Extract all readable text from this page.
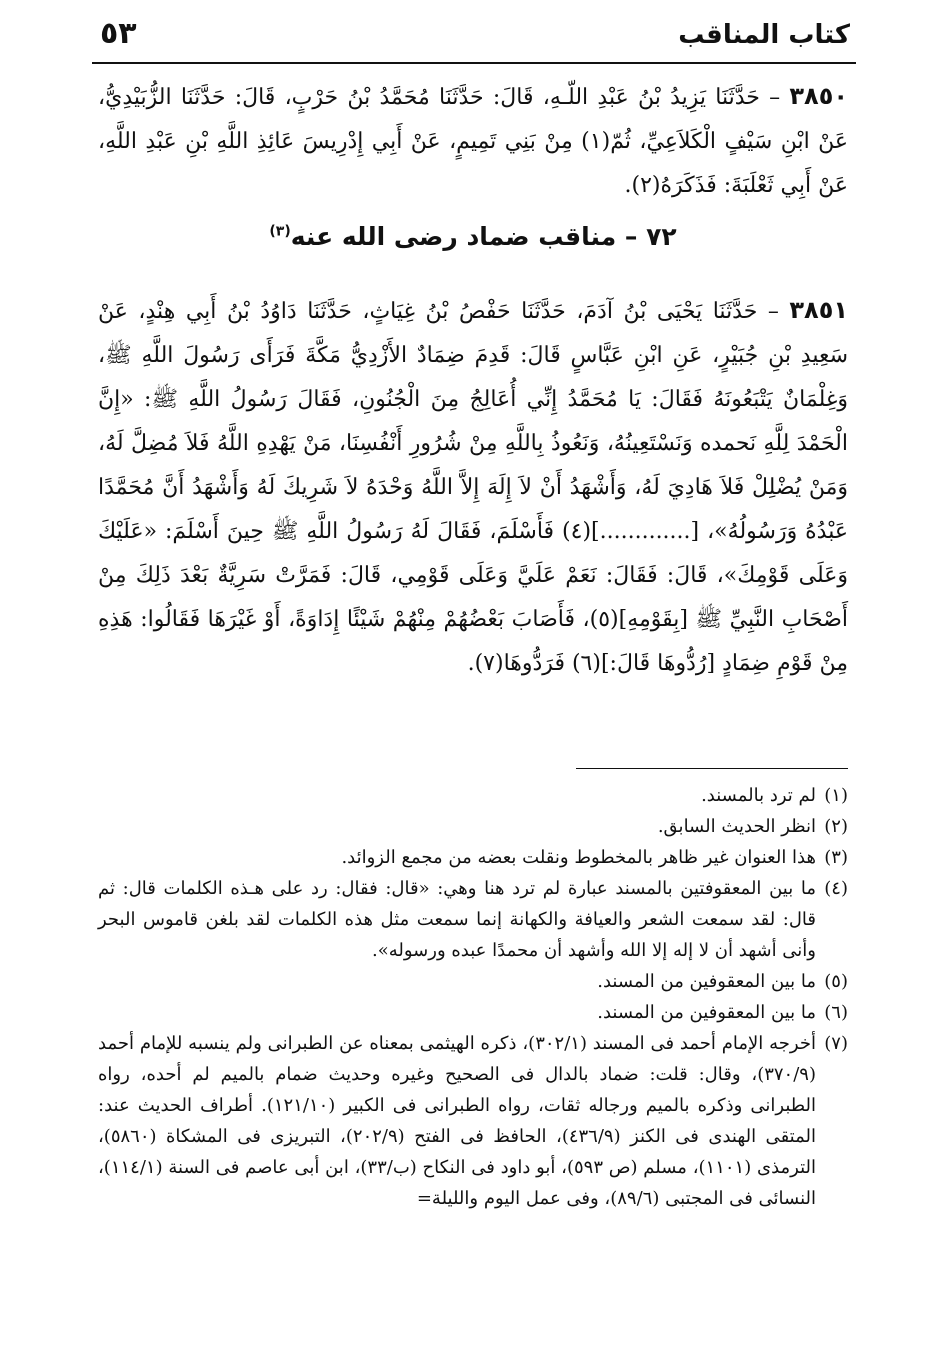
كتاب المناقب
٥٣
٣٨٥٠ – حَدَّثَنَا يَزِيدُ بْنُ عَبْدِ اللّـهِ، قَالَ: حَدَّثَنَا مُحَمَّدُ بْنُ حَرْبٍ، قَالَ: حَدَّثَنَا الزُّبَيْدِيُّ، عَنْ ابْنِ سَيْفٍ الْكَلاَعِيِّ، ثُمّ(١) مِنْ بَنِي تَمِيمٍ، عَنْ أَبِي إِدْرِيسَ عَائِذِ اللَّهِ بْنِ عَبْدِ اللَّهِ، عَنْ أَبِي ثَعْلَبَةَ: فَذَكَرَهُ(٢).
٧٢ – مناقب ضماد رضى الله عنه$^{(٣)}$
٣٨٥١ – حَدَّثَنَا يَحْيَى بْنُ آدَمَ، حَدَّثَنَا حَفْصُ بْنُ غِيَاثٍ، حَدَّثَنَا دَاوُدُ بْنُ أَبِي هِنْدٍ، عَنْ سَعِيدِ بْنِ جُبَيْرٍ، عَنِ ابْنِ عَبَّاسٍ قَالَ: قَدِمَ ضِمَادٌ الأَزْدِيُّ مَكَّةَ فَرَأَى رَسُولَ اللَّهِ ﷺ، وَغِلْمَانٌ يَتْبَعُونَهُ فَقَالَ: يَا مُحَمَّدُ إِنِّي أُعَالِجُ مِنَ الْجُنُونِ، فَقَالَ رَسُولُ اللَّهِ ﷺ: «إِنَّ الْحَمْدَ لِلَّهِ نَحمده وَنَسْتَعِينُهُ، وَنَعُوذُ بِاللَّهِ مِنْ شُرُورِ أَنْفُسِنَا، مَنْ يَهْدِهِ اللَّهُ فَلاَ مُضِلَّ لَهُ، وَمَنْ يُضْلِلْ فَلاَ هَادِيَ لَهُ، وَأَشْهَدُ أَنْ لاَ إِلَهَ إِلاَّ اللَّهُ وَحْدَهُ لاَ شَرِيكَ لَهُ وَأَشْهَدُ أَنَّ مُحَمَّدًا عَبْدُهُ وَرَسُولُهُ»، [.............](٤) فَأَسْلَمَ، فَقَالَ لَهُ رَسُولُ اللَّهِ ﷺ حِينَ أَسْلَمَ: «عَلَيْكَ وَعَلَى قَوْمِكَ»، قَالَ: فَقَالَ: نَعَمْ عَلَيَّ وَعَلَى قَوْمِي، قَالَ: فَمَرَّتْ سَرِيَّةٌ بَعْدَ ذَلِكَ مِنْ أَصْحَابِ النَّبِيِّ ﷺ [بِقَوْمِهِ](٥)، فَأَصَابَ بَعْضُهُمْ مِنْهُمْ شَيْئًا إِدَاوَةً، أَوْ غَيْرَهَا فَقَالُوا: هَذِهِ مِنْ قَوْمِ ضِمَادٍ [رُدُّوهَا قَالَ:](٦) فَرَدُّوهَا(٧).
(١)
لم ترد بالمسند.
(٢)
انظر الحديث السابق.
(٣)
هذا العنوان غير ظاهر بالمخطوط ونقلت بعضه من مجمع الزوائد.
(٤)
ما بين المعقوفتين بالمسند عبارة لم ترد هنا وهي: «قال: فقال: رد على هـذه الكلمات قال: ثم قال: لقد سمعت الشعر والعيافة والكهانة إنما سمعت مثل هذه الكلمات لقد بلغن قاموس البحر وأنى أشهد أن لا إله إلا الله وأشهد أن محمدًا عبده ورسوله».
(٥)
ما بين المعقوفين من المسند.
(٦)
ما بين المعقوفين من المسند.
(٧)
أخرجه الإمام أحمد فى المسند (٣٠٢/١)، ذكره الهيثمى بمعناه عن الطبرانى ولم ينسبه للإمام أحمد (٣٧٠/٩)، وقال: قلت: ضماد بالدال فى الصحيح وغيره وحديث ضمام بالميم لم أحده، رواه الطبرانى وذكره بالميم ورجاله ثقات، رواه الطبرانى فى الكبير (١٢١/١٠). أطراف الحديث عند: المتقى الهندى فى الكنز (٤٣٦/٩)، الحافظ فى الفتح (٢٠٢/٩)، التبريزى فى المشكاة (٥٨٦٠)، الترمذى (١١٠١)، مسلم (ص ٥٩٣)، أبو داود فى النكاح (ب/٣٣)، ابن أبى عاصم فى السنة (١١٤/١)، النسائى فى المجتبى (٨٩/٦)، وفى عمل اليوم والليلة=
